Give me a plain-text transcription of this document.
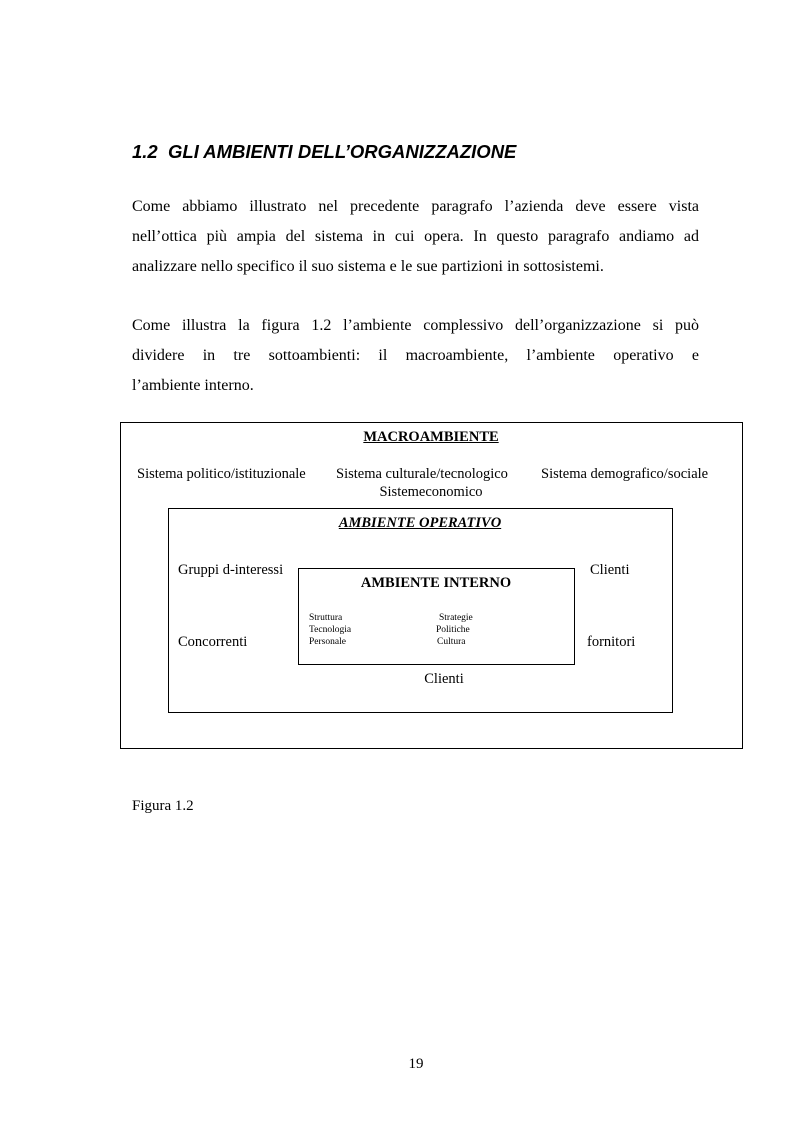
1.2 GLI AMBIENTI DELL’ORGANIZZAZIONE

Come abbiamo illustrato nel precedente paragrafo l’azienda deve essere vista
nell’ottica più ampia del sistema in cui opera. In questo paragrafo andiamo ad
analizzare nello specifico il suo sistema e le sue partizioni in sottosistemi.

Come illustra la figura 1.2 l’ambiente complessivo dell’organizzazione si può
dividere in tre sottoambienti: il macroambiente, l’ambiente operativo e
l’ambiente interno.

MACROAMBIENTE
Sistema politico/istituzionale Sistema culturale/tecnologico Sistema demografico/sociale
Sistemeconomico
AMBIENTE OPERATIVO
Gruppi d-interessi	Clienti
Concorrenti	fornitori
Clienti
AMBIENTE INTERNO
Struttura
Tecnologia
Personale
Strategie
Politiche
Cultura
Figura 1.2
19
